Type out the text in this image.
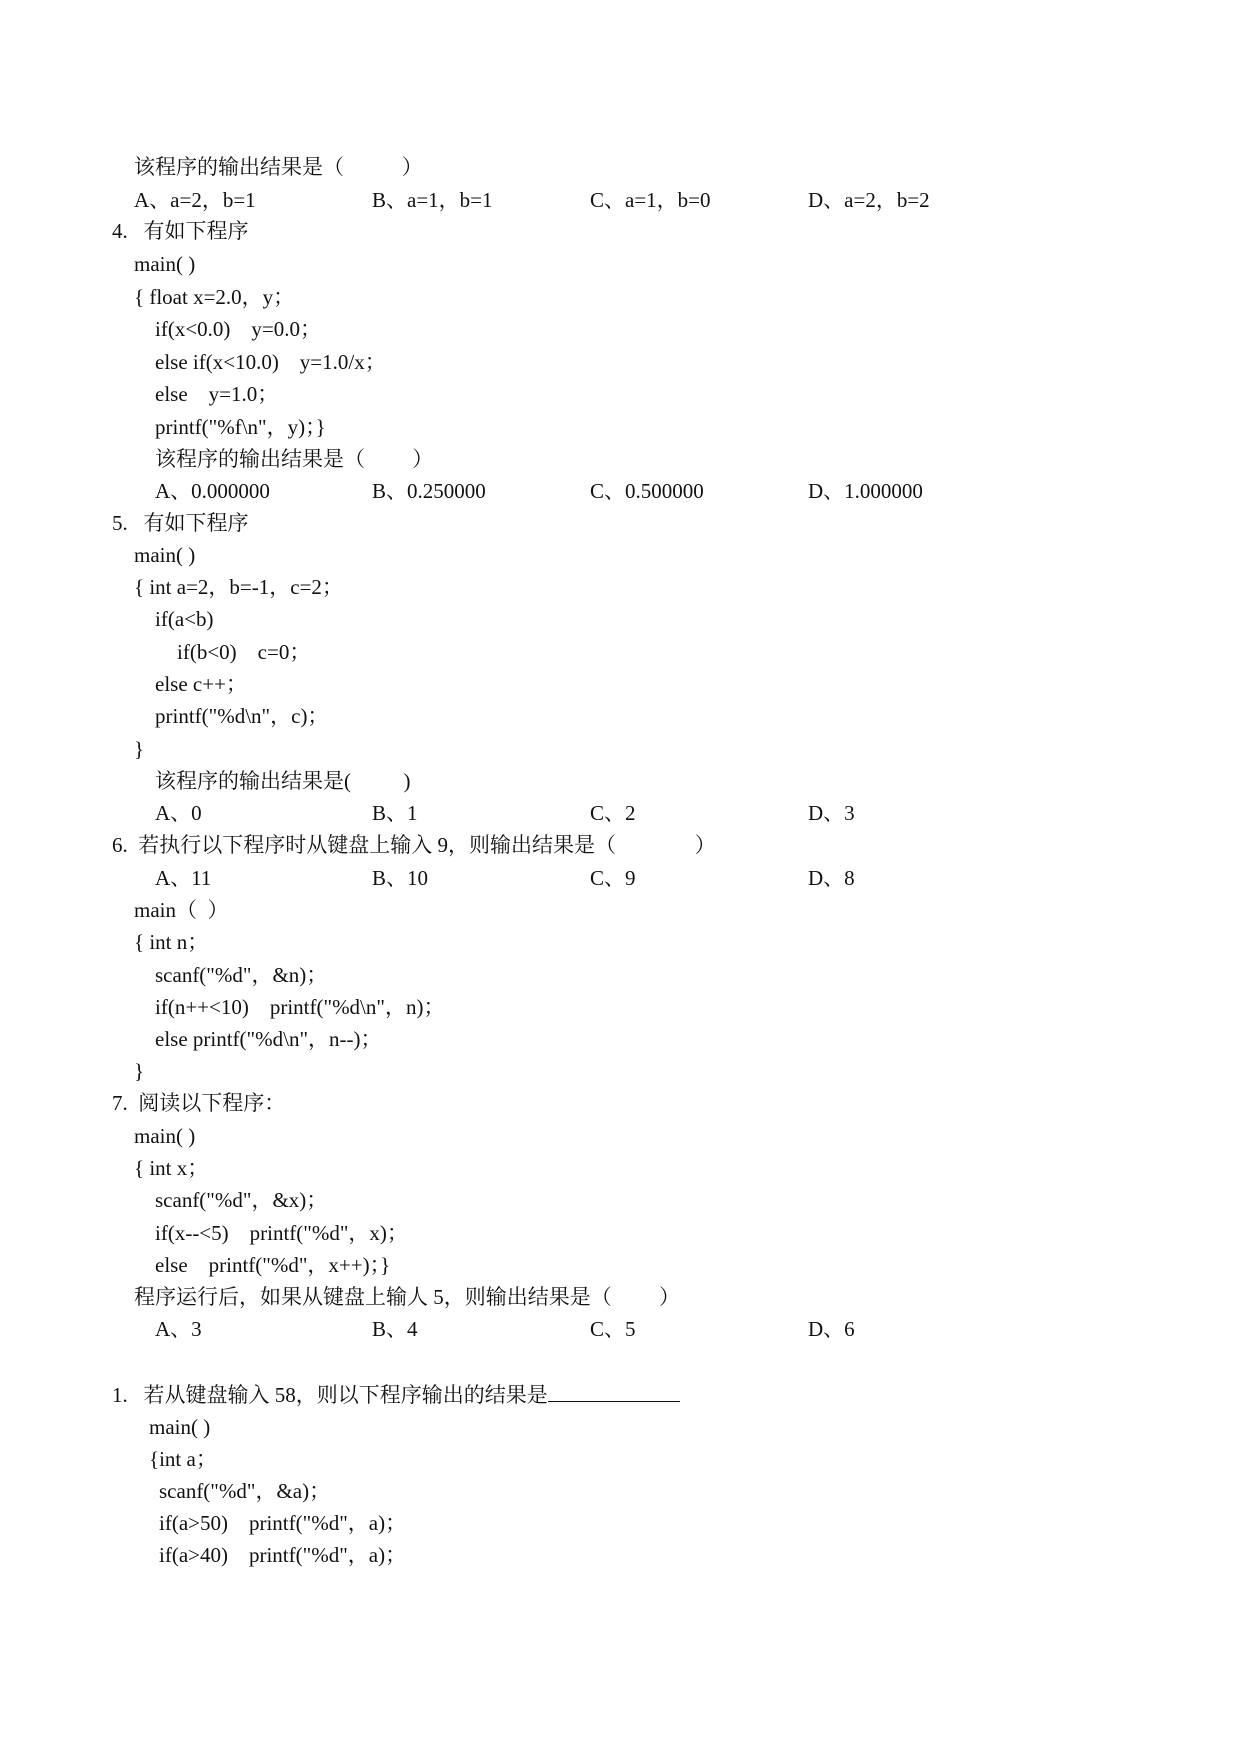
该程序的输出结果是（           ）
A、a=2，b=1	B、a=1，b=1	C、a=1，b=0	D、a=2，b=2
4.   有如下程序
main( )
{ float x=2.0，y；
if(x<0.0)    y=0.0；
else if(x<10.0)    y=1.0/x；
else    y=1.0；
printf("%f\n"，y)；}
该程序的输出结果是（         ）
A、0.000000	B、0.250000	C、0.500000	D、1.000000
5.   有如下程序
main( )
{ int a=2，b=-1，c=2；
if(a<b)
if(b<0)    c=0；
else c++；
printf("%d\n"，c)；
}
该程序的输出结果是(          )
A、0	B、1	C、2	D、3
6.  若执行以下程序时从键盘上输入 9，则输出结果是（               ）
A、11	B、10	C、9	D、8
main（  ）
{ int n；
scanf("%d"，&n)；
if(n++<10)    printf("%d\n"，n)；
else printf("%d\n"，n--)；
}
7.  阅读以下程序：
main( )
{ int x；
scanf("%d"，&x)；
if(x--<5)    printf("%d"，x)；
else    printf("%d"，x++)；}
程序运行后，如果从键盘上输人 5，则输出结果是（         ）
A、3	B、4	C、5	D、6
1.   若从键盘输入 58，则以下程序输出的结果是
main( )
{int a；
scanf("%d"，&a)；
if(a>50)    printf("%d"，a)；
if(a>40)    printf("%d"，a)；
